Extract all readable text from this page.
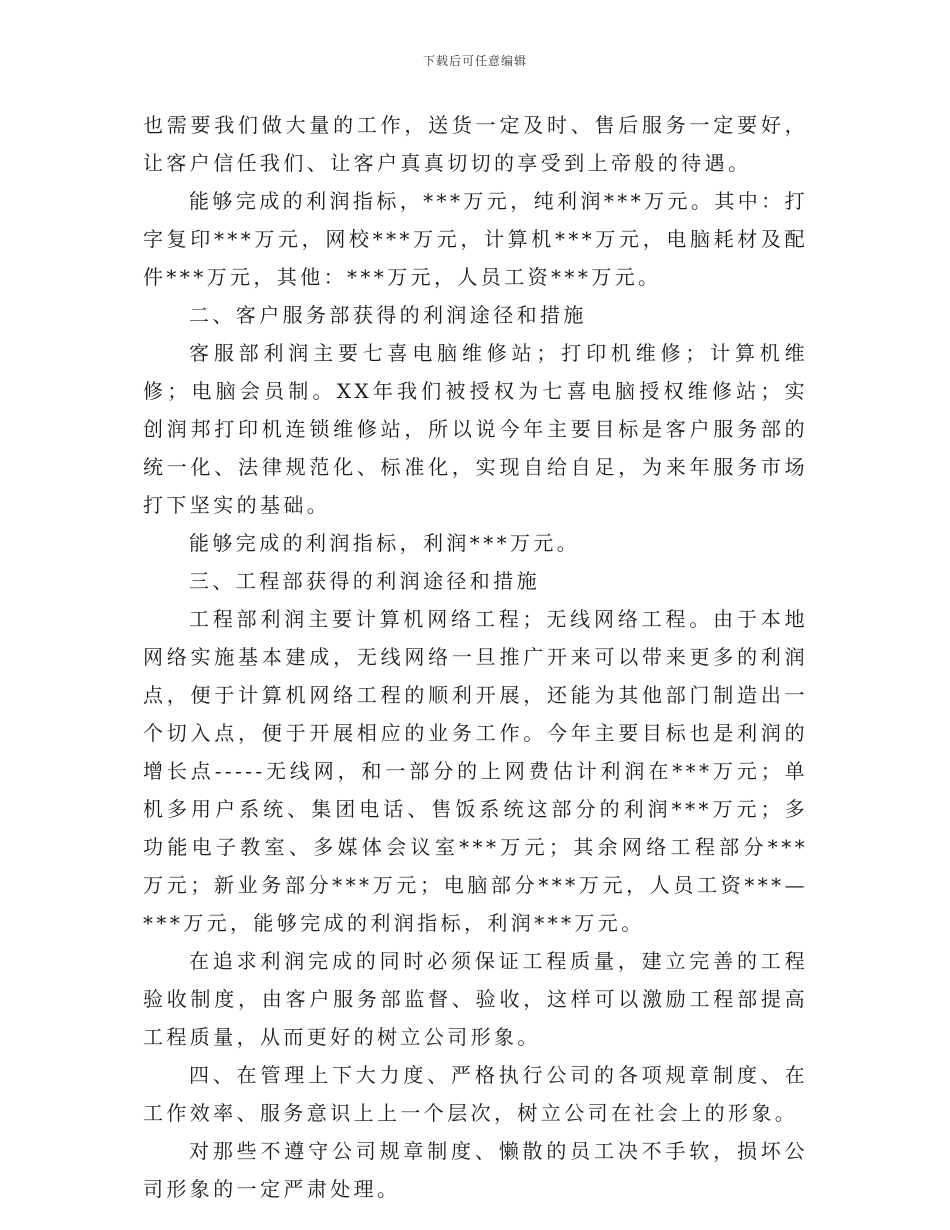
下载后可任意编辑

也需要我们做大量的工作，送货一定及时、售后服务一定要好，让客户信任我们、让客户真真切切的享受到上帝般的待遇。

能够完成的利润指标，***万元，纯利润***万元。其中：打字复印***万元，网校***万元，计算机***万元，电脑耗材及配件***万元，其他：***万元，人员工资***万元。

二、客户服务部获得的利润途径和措施

客服部利润主要七喜电脑维修站；打印机维修；计算机维修；电脑会员制。XX年我们被授权为七喜电脑授权维修站；实创润邦打印机连锁维修站，所以说今年主要目标是客户服务部的统一化、法律规范化、标准化，实现自给自足，为来年服务市场打下坚实的基础。

能够完成的利润指标，利润***万元。

三、工程部获得的利润途径和措施

工程部利润主要计算机网络工程；无线网络工程。由于本地网络实施基本建成，无线网络一旦推广开来可以带来更多的利润点，便于计算机网络工程的顺利开展，还能为其他部门制造出一个切入点，便于开展相应的业务工作。今年主要目标也是利润的增长点-----无线网，和一部分的上网费估计利润在***万元；单机多用户系统、集团电话、售饭系统这部分的利润***万元；多功能电子教室、多媒体会议室***万元；其余网络工程部分***万元；新业务部分***万元；电脑部分***万元，人员工资***—***万元，能够完成的利润指标，利润***万元。

在追求利润完成的同时必须保证工程质量，建立完善的工程验收制度，由客户服务部监督、验收，这样可以激励工程部提高工程质量，从而更好的树立公司形象。

四、在管理上下大力度、严格执行公司的各项规章制度、在工作效率、服务意识上上一个层次，树立公司在社会上的形象。

对那些不遵守公司规章制度、懒散的员工决不手软，损坏公司形象的一定严肃处理。
